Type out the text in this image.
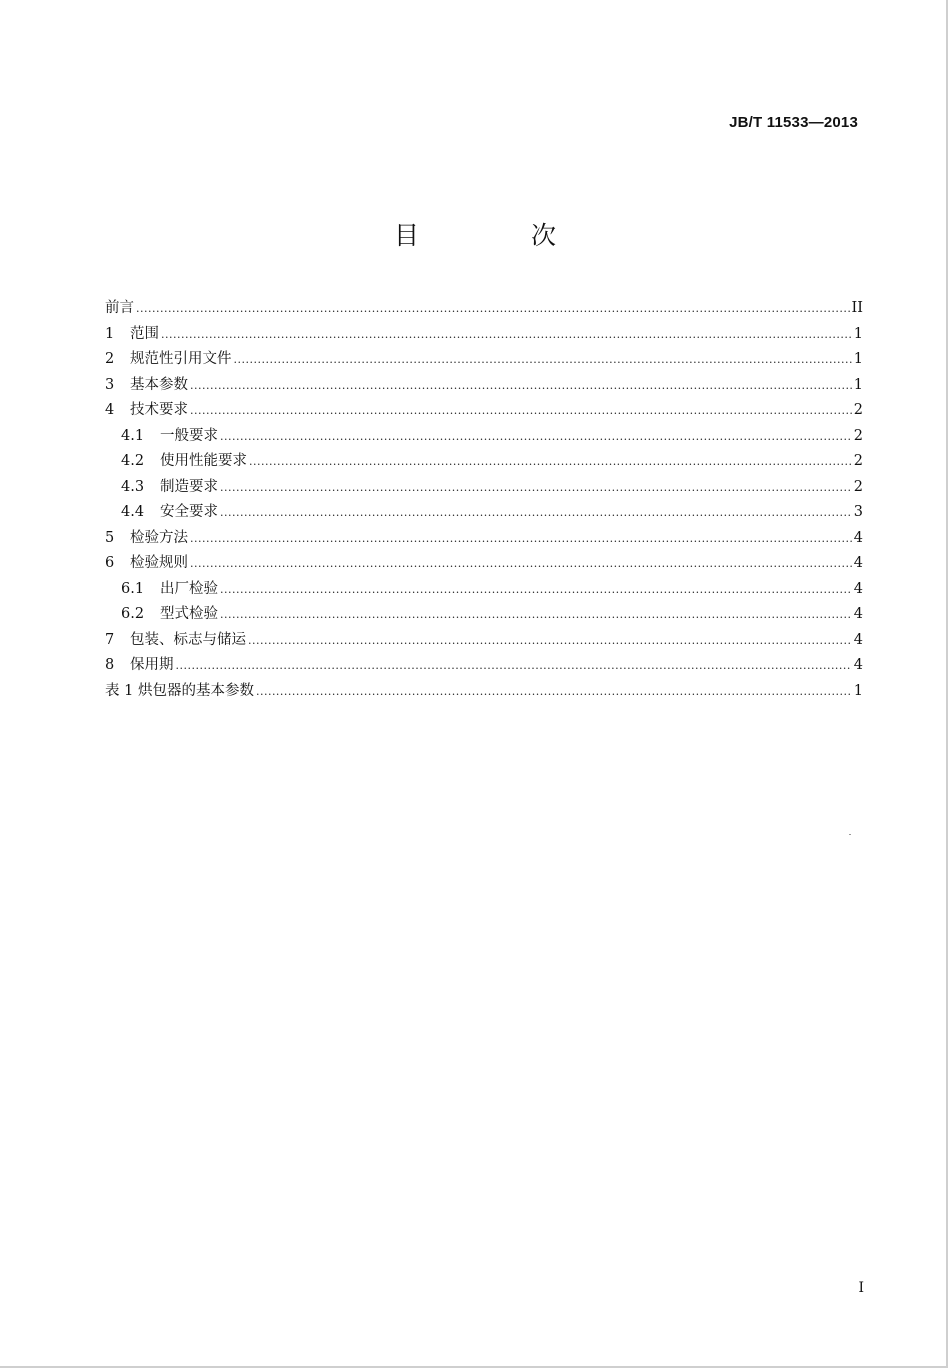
JB/T 11533—2013
目 次
前言 .....	II
1	范围 .....	1
2	规范性引用文件 .....	1
3	基本参数 .....	1
4	技术要求 .....	2
4.1	一般要求 .....	2
4.2	使用性能要求 .....	2
4.3	制造要求 .....	2
4.4	安全要求 .....	3
5	检验方法 .....	4
6	检验规则 .....	4
6.1	出厂检验 .....	4
6.2	型式检验 .....	4
7	包装、标志与储运 .....	4
8	保用期 .....	4
表 1 烘包器的基本参数 .....	1
I
